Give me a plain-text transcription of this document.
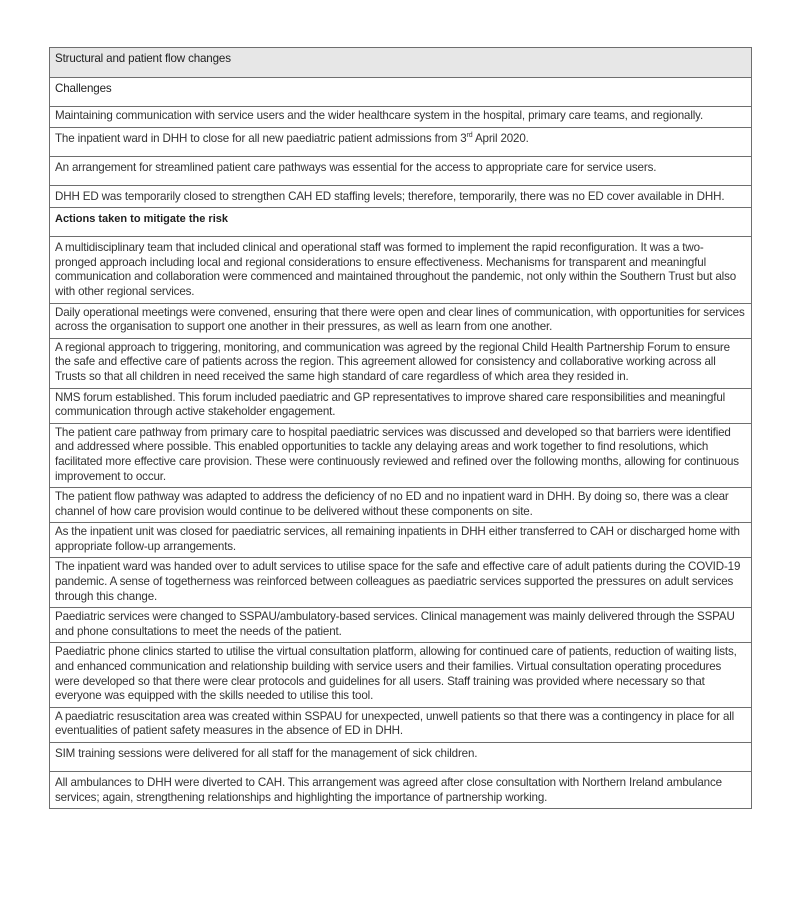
Structural and patient flow changes
Challenges
Maintaining communication with service users and the wider healthcare system in the hospital, primary care teams, and regionally.
The inpatient ward in DHH to close for all new paediatric patient admissions from 3rd April 2020.
An arrangement for streamlined patient care pathways was essential for the access to appropriate care for service users.
DHH ED was temporarily closed to strengthen CAH ED staffing levels; therefore, temporarily, there was no ED cover available in DHH.
Actions taken to mitigate the risk
A multidisciplinary team that included clinical and operational staff was formed to implement the rapid reconfiguration. It was a two-pronged approach including local and regional considerations to ensure effectiveness. Mechanisms for transparent and meaningful communication and collaboration were commenced and maintained throughout the pandemic, not only within the Southern Trust but also with other regional services.
Daily operational meetings were convened, ensuring that there were open and clear lines of communication, with opportunities for services across the organisation to support one another in their pressures, as well as learn from one another.
A regional approach to triggering, monitoring, and communication was agreed by the regional Child Health Partnership Forum to ensure the safe and effective care of patients across the region. This agreement allowed for consistency and collaborative working across all Trusts so that all children in need received the same high standard of care regardless of which area they resided in.
NMS forum established. This forum included paediatric and GP representatives to improve shared care responsibilities and meaningful communication through active stakeholder engagement.
The patient care pathway from primary care to hospital paediatric services was discussed and developed so that barriers were identified and addressed where possible. This enabled opportunities to tackle any delaying areas and work together to find resolutions, which facilitated more effective care provision. These were continuously reviewed and refined over the following months, allowing for continuous improvement to occur.
The patient flow pathway was adapted to address the deficiency of no ED and no inpatient ward in DHH. By doing so, there was a clear channel of how care provision would continue to be delivered without these components on site.
As the inpatient unit was closed for paediatric services, all remaining inpatients in DHH either transferred to CAH or discharged home with appropriate follow-up arrangements.
The inpatient ward was handed over to adult services to utilise space for the safe and effective care of adult patients during the COVID-19 pandemic. A sense of togetherness was reinforced between colleagues as paediatric services supported the pressures on adult services through this change.
Paediatric services were changed to SSPAU/ambulatory-based services. Clinical management was mainly delivered through the SSPAU and phone consultations to meet the needs of the patient.
Paediatric phone clinics started to utilise the virtual consultation platform, allowing for continued care of patients, reduction of waiting lists, and enhanced communication and relationship building with service users and their families. Virtual consultation operating procedures were developed so that there were clear protocols and guidelines for all users. Staff training was provided where necessary so that everyone was equipped with the skills needed to utilise this tool.
A paediatric resuscitation area was created within SSPAU for unexpected, unwell patients so that there was a contingency in place for all eventualities of patient safety measures in the absence of ED in DHH.
SIM training sessions were delivered for all staff for the management of sick children.
All ambulances to DHH were diverted to CAH. This arrangement was agreed after close consultation with Northern Ireland ambulance services; again, strengthening relationships and highlighting the importance of partnership working.
